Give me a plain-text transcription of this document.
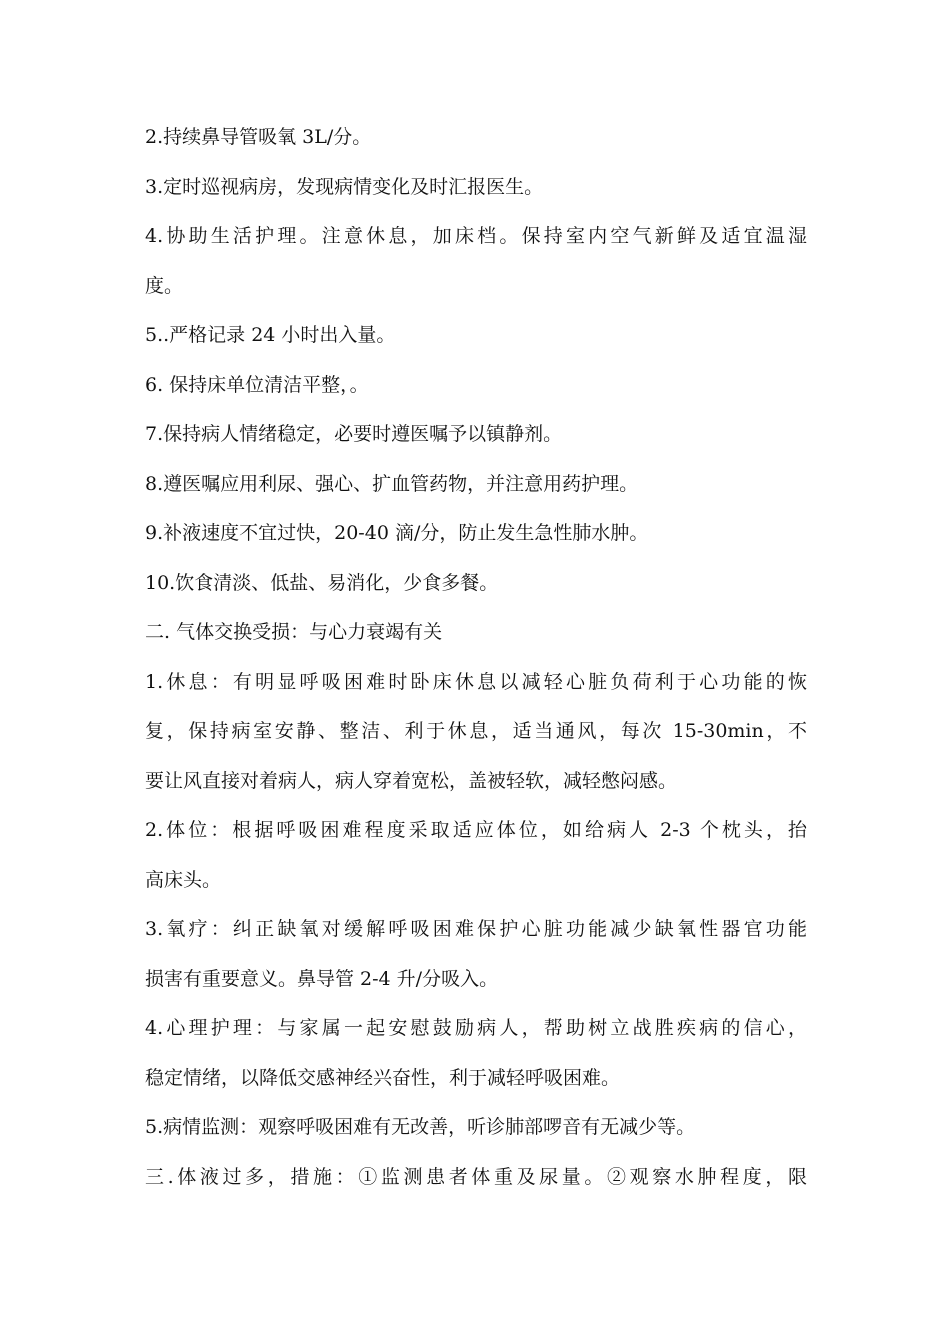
2.持续鼻导管吸氧 3L/分。
3.定时巡视病房，发现病情变化及时汇报医生。
4.协助生活护理。注意休息，加床档。保持室内空气新鲜及适宜温湿
度。
5..严格记录 24 小时出入量。
6. 保持床单位清洁平整，。
7.保持病人情绪稳定，必要时遵医嘱予以镇静剂。
8.遵医嘱应用利尿、强心、扩血管药物，并注意用药护理。
9.补液速度不宜过快，20-40 滴/分，防止发生急性肺水肿。
10.饮食清淡、低盐、易消化，少食多餐。
二. 气体交换受损：与心力衰竭有关
1.休息：有明显呼吸困难时卧床休息以减轻心脏负荷利于心功能的恢
复，保持病室安静、整洁、利于休息，适当通风，每次 15-30min，不
要让风直接对着病人，病人穿着宽松，盖被轻软，减轻憋闷感。
2.体位：根据呼吸困难程度采取适应体位，如给病人 2-3 个枕头，抬
高床头。
3.氧疗：纠正缺氧对缓解呼吸困难保护心脏功能减少缺氧性器官功能
损害有重要意义。鼻导管 2-4 升/分吸入。
4.心理护理：与家属一起安慰鼓励病人，帮助树立战胜疾病的信心，
稳定情绪，以降低交感神经兴奋性，利于减轻呼吸困难。
5.病情监测：观察呼吸困难有无改善，听诊肺部啰音有无减少等。
三.体液过多，措施：①监测患者体重及尿量。②观察水肿程度，限
